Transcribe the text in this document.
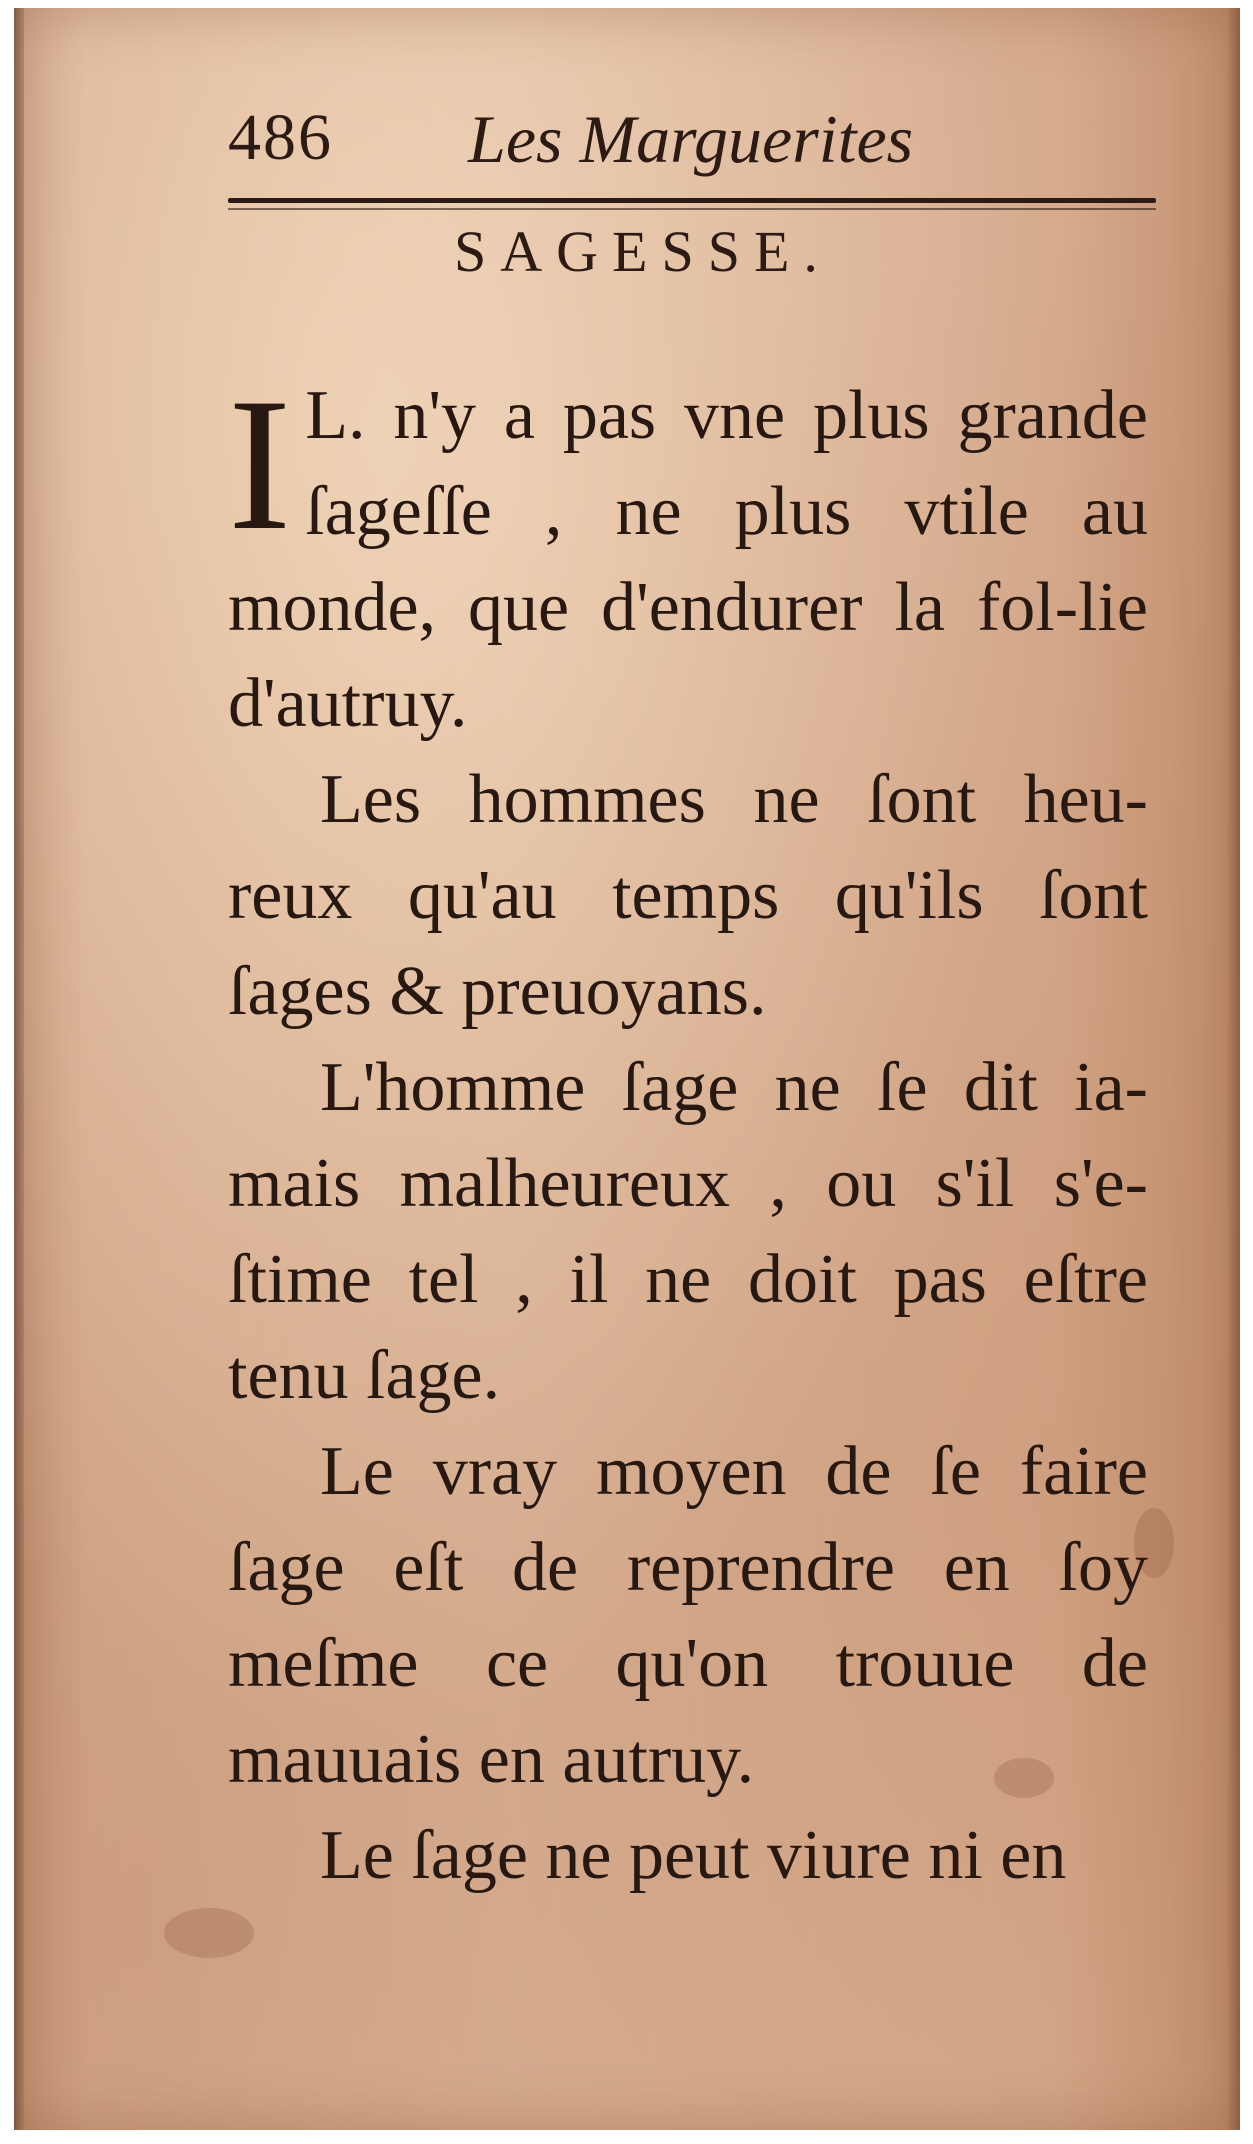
486 Les Marguerites
SAGESSE.

I L. n'y a pas vne plus grande ſageſſe , ne plus vtile au monde, que d'endurer la fol-lie d'autruy.

Les hommes ne ſont heu-reux qu'au temps qu'ils ſont ſages & preuoyans.

L'homme ſage ne ſe dit ia-mais malheureux , ou s'il s'e-ſtime tel , il ne doit pas eſtre tenu ſage.

Le vray moyen de ſe faire ſage eſt de reprendre en ſoy meſme ce qu'on trouue de mauuais en autruy.

Le ſage ne peut viure ni en
